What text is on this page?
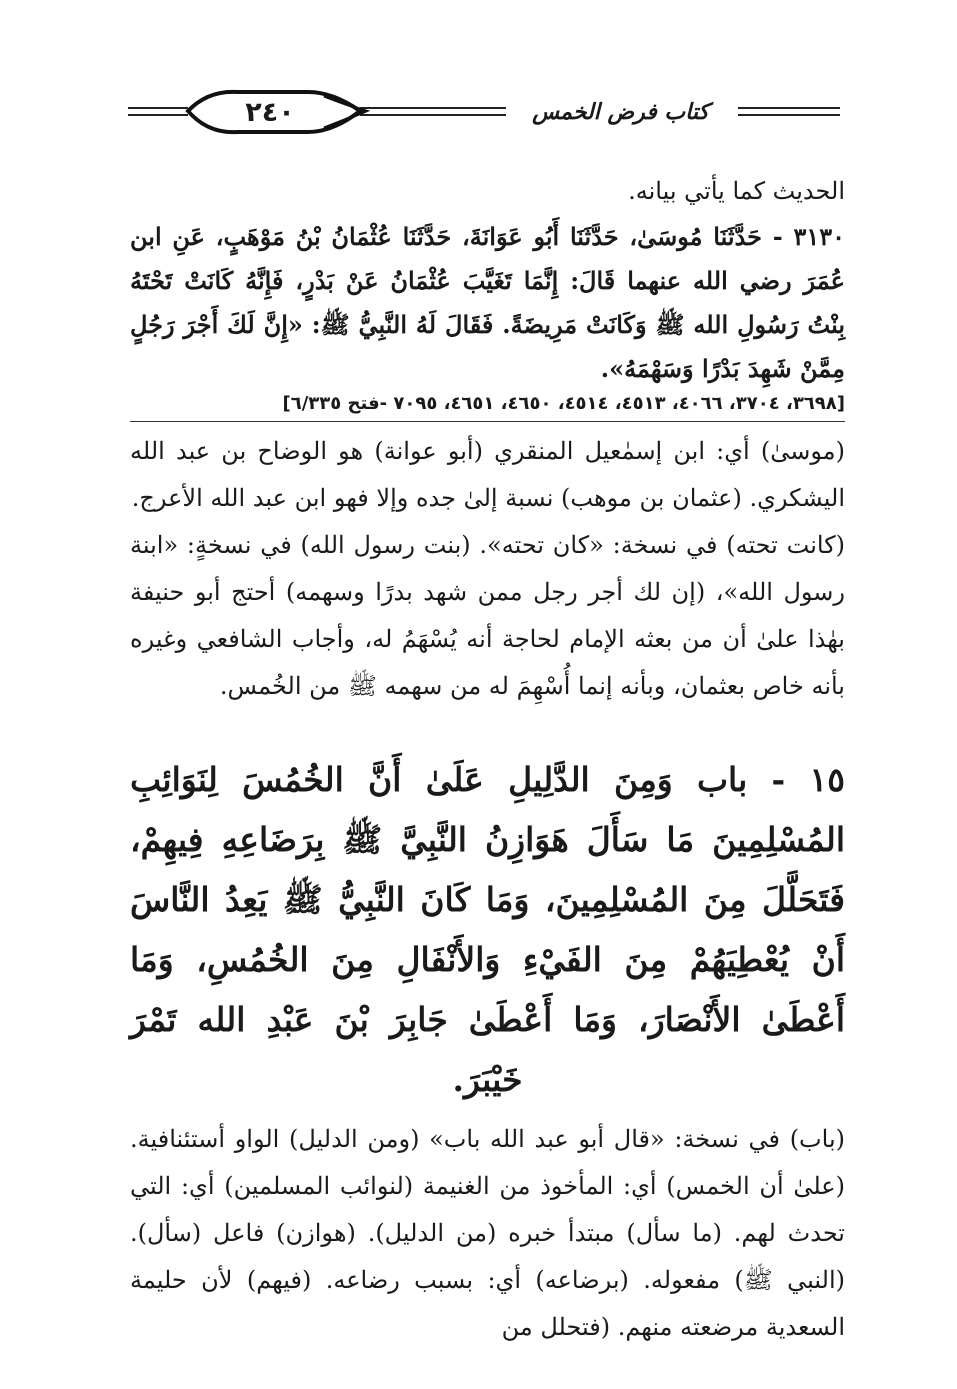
٢٤٠	كتاب فرض الخمس

الحديث كما يأتي بيانه.

٣١٣٠ - حَدَّثَنَا مُوسَىٰ، حَدَّثَنَا أَبُو عَوَانَةَ، حَدَّثَنَا عُثْمَانُ بْنُ مَوْهَبٍ، عَنِ ابن عُمَرَ رضي الله عنهما قَالَ: إِنَّمَا تَغَيَّبَ عُثْمَانُ عَنْ بَدْرٍ، فَإِنَّهُ كَانَتْ تَحْتَهُ بِنْتُ رَسُولِ الله ﷺ وَكَانَتْ مَرِيضَةً. فَقَالَ لَهُ النَّبِيُّ ﷺ: «إِنَّ لَكَ أَجْرَ رَجُلٍ مِمَّنْ شَهِدَ بَدْرًا وَسَهْمَهُ».

[٣٦٩٨، ٣٧٠٤، ٤٠٦٦، ٤٥١٣، ٤٥١٤، ٤٦٥٠، ٤٦٥١، ٧٠٩٥ -فتح ٦/٣٣٥]

(موسىٰ) أي: ابن إسمٰعيل المنقري (أبو عوانة) هو الوضاح بن عبد الله اليشكري. (عثمان بن موهب) نسبة إلىٰ جده وإلا فهو ابن عبد الله الأعرج.

(كانت تحته) في نسخة: «كان تحته». (بنت رسول الله) في نسخةٍ: «ابنة رسول الله»، (إن لك أجر رجل ممن شهد بدرًا وسهمه) أحتج أبو حنيفة بهٰذا علىٰ أن من بعثه الإمام لحاجة أنه يُسْهَمُ له، وأجاب الشافعي وغيره بأنه خاص بعثمان، وبأنه إنما أُسْهِمَ له من سهمه ﷺ من الخُمس.

١٥ - باب وَمِنَ الدَّلِيلِ عَلَىٰ أَنَّ الخُمُسَ لِنَوَائِبِ المُسْلِمِينَ مَا سَأَلَ هَوَازِنُ النَّبِيَّ ﷺ بِرَضَاعِهِ فِيهِمْ، فَتَحَلَّلَ مِنَ المُسْلِمِينَ، وَمَا كَانَ النَّبِيُّ ﷺ يَعِدُ النَّاسَ أَنْ يُعْطِيَهُمْ مِنَ الفَيْءِ وَالأَنْفَالِ مِنَ الخُمُسِ، وَمَا أَعْطَىٰ الأَنْصَارَ، وَمَا أَعْطَىٰ جَابِرَ بْنَ عَبْدِ الله تَمْرَ خَيْبَرَ.

(باب) في نسخة: «قال أبو عبد الله باب» (ومن الدليل) الواو أستئنافية. (علىٰ أن الخمس) أي: المأخوذ من الغنيمة (لنوائب المسلمين) أي: التي تحدث لهم. (ما سأل) مبتدأ خبره (من الدليل). (هوازن) فاعل (سأل). (النبي ﷺ) مفعوله. (برضاعه) أي: بسبب رضاعه. (فيهم) لأن حليمة السعدية مرضعته منهم. (فتحلل من
